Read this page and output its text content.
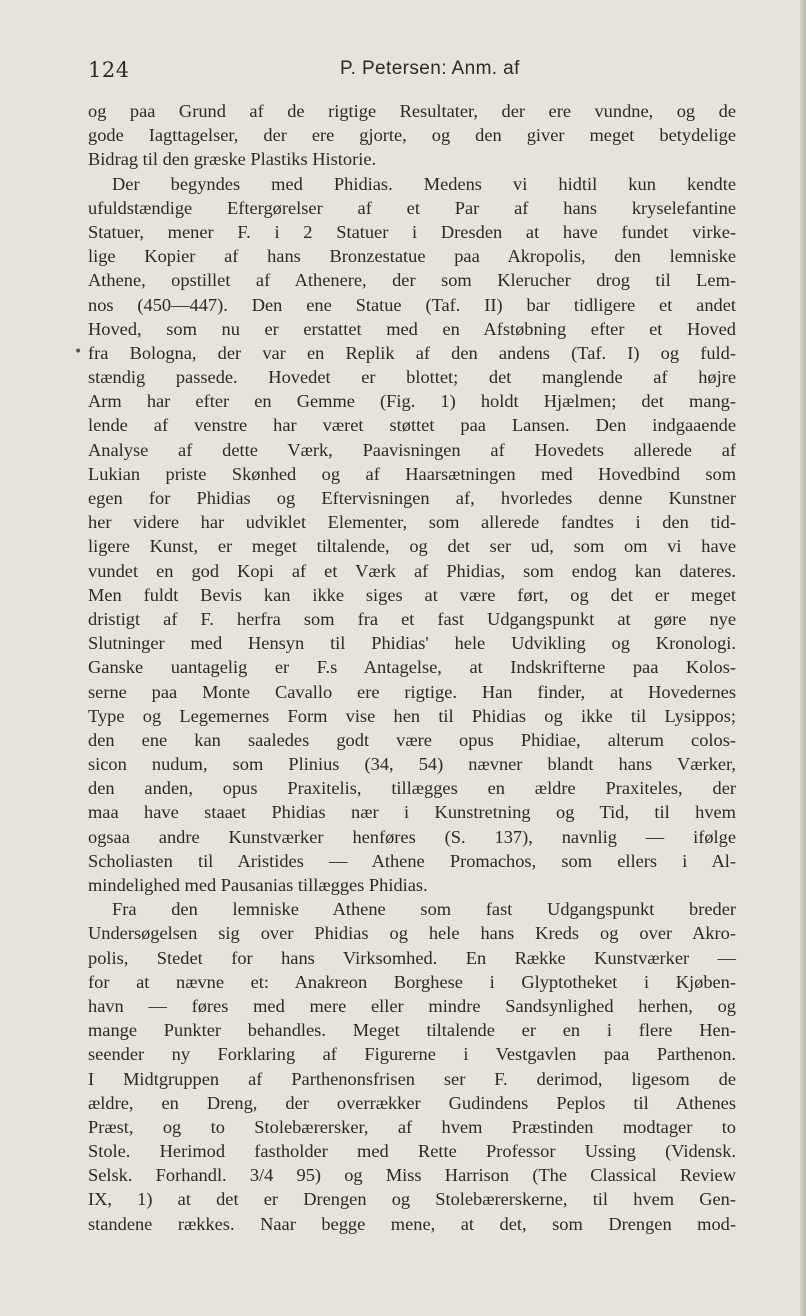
124	P. Petersen: Anm. af
•
og paa Grund af de rigtige Resultater, der ere vundne, og de
gode Iagttagelser, der ere gjorte, og den giver meget betydelige
Bidrag til den græske Plastiks Historie.
Der begyndes med Phidias. Medens vi hidtil kun kendte
ufuldstændige Eftergørelser af et Par af hans kryselefantine
Statuer, mener F. i 2 Statuer i Dresden at have fundet virke-
lige Kopier af hans Bronzestatue paa Akropolis, den lemniske
Athene, opstillet af Athenere, der som Klerucher drog til Lem-
nos (450—447). Den ene Statue (Taf. II) bar tidligere et andet
Hoved, som nu er erstattet med en Afstøbning efter et Hoved
fra Bologna, der var en Replik af den andens (Taf. I) og fuld-
stændig passede. Hovedet er blottet; det manglende af højre
Arm har efter en Gemme (Fig. 1) holdt Hjælmen; det mang-
lende af venstre har været støttet paa Lansen. Den indgaaende
Analyse af dette Værk, Paavisningen af Hovedets allerede af
Lukian priste Skønhed og af Haarsætningen med Hovedbind som
egen for Phidias og Eftervisningen af, hvorledes denne Kunstner
her videre har udviklet Elementer, som allerede fandtes i den tid-
ligere Kunst, er meget tiltalende, og det ser ud, som om vi have
vundet en god Kopi af et Værk af Phidias, som endog kan dateres.
Men fuldt Bevis kan ikke siges at være ført, og det er meget
dristigt af F. herfra som fra et fast Udgangspunkt at gøre nye
Slutninger med Hensyn til Phidias' hele Udvikling og Kronologi.
Ganske uantagelig er F.s Antagelse, at Indskrifterne paa Kolos-
serne paa Monte Cavallo ere rigtige. Han finder, at Hovedernes
Type og Legemernes Form vise hen til Phidias og ikke til Lysippos;
den ene kan saaledes godt være opus Phidiae, alterum colos-
sicon nudum, som Plinius (34, 54) nævner blandt hans Værker,
den anden, opus Praxitelis, tillægges en ældre Praxiteles, der
maa have staaet Phidias nær i Kunstretning og Tid, til hvem
ogsaa andre Kunstværker henføres (S. 137), navnlig — ifølge
Scholiasten til Aristides — Athene Promachos, som ellers i Al-
mindelighed med Pausanias tillægges Phidias.
Fra den lemniske Athene som fast Udgangspunkt breder
Undersøgelsen sig over Phidias og hele hans Kreds og over Akro-
polis, Stedet for hans Virksomhed. En Række Kunstværker —
for at nævne et: Anakreon Borghese i Glyptotheket i Kjøben-
havn — føres med mere eller mindre Sandsynlighed herhen, og
mange Punkter behandles. Meget tiltalende er en i flere Hen-
seender ny Forklaring af Figurerne i Vestgavlen paa Parthenon.
I Midtgruppen af Parthenonsfrisen ser F. derimod, ligesom de
ældre, en Dreng, der overrækker Gudindens Peplos til Athenes
Præst, og to Stolebærersker, af hvem Præstinden modtager to
Stole. Herimod fastholder med Rette Professor Ussing (Vidensk.
Selsk. Forhandl. 3/4 95) og Miss Harrison (The Classical Review
IX, 1) at det er Drengen og Stolebærerskerne, til hvem Gen-
standene rækkes. Naar begge mene, at det, som Drengen mod-
